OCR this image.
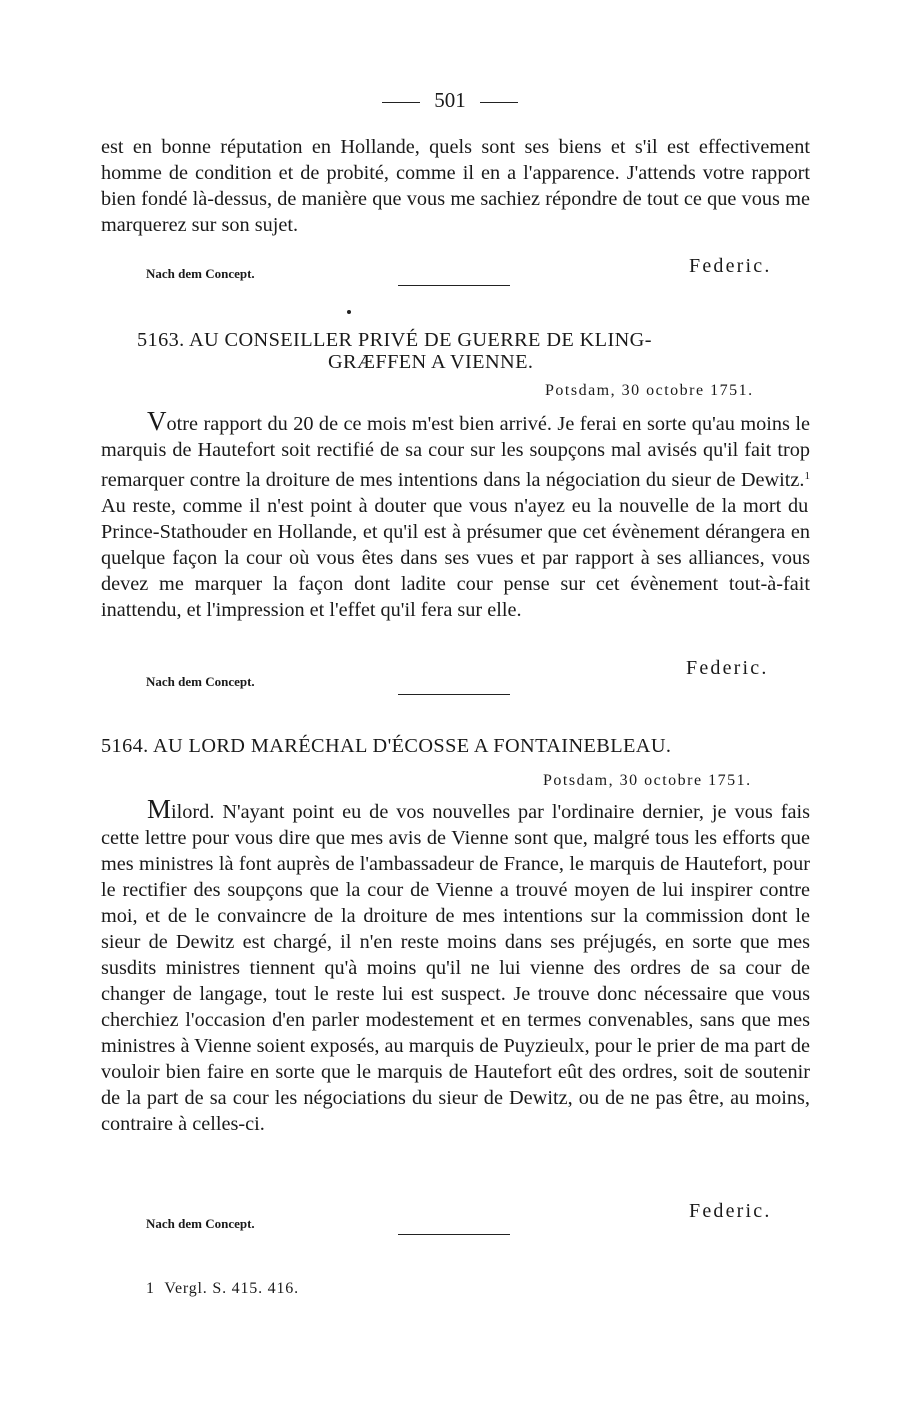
501
est en bonne réputation en Hollande, quels sont ses biens et s'il est effectivement homme de condition et de probité, comme il en a l'apparence. J'attends votre rapport bien fondé là-dessus, de manière que vous me sachiez répondre de tout ce que vous me marquerez sur son sujet.
Nach dem Concept.	Federic.
5163. AU CONSEILLER PRIVÉ DE GUERRE DE KLING-
GRÆFFEN A VIENNE.
Potsdam, 30 octobre 1751.
Votre rapport du 20 de ce mois m'est bien arrivé. Je ferai en sorte qu'au moins le marquis de Hautefort soit rectifié de sa cour sur les soupçons mal avisés qu'il fait trop remarquer contre la droiture de mes intentions dans la négociation du sieur de Dewitz.$^1$ Au reste, comme il n'est point à douter que vous n'ayez eu la nouvelle de la mort du Prince-Stathouder en Hollande, et qu'il est à présumer que cet évènement dérangera en quelque façon la cour où vous êtes dans ses vues et par rapport à ses alliances, vous devez me marquer la façon dont ladite cour pense sur cet évènement tout-à-fait inattendu, et l'impression et l'effet qu'il fera sur elle.
Nach dem Concept.
Federic.
5164. AU LORD MARÉCHAL D'ÉCOSSE A FONTAINEBLEAU.
Potsdam, 30 octobre 1751.
Milord. N'ayant point eu de vos nouvelles par l'ordinaire dernier, je vous fais cette lettre pour vous dire que mes avis de Vienne sont que, malgré tous les efforts que mes ministres là font auprès de l'ambassadeur de France, le marquis de Hautefort, pour le rectifier des soupçons que la cour de Vienne a trouvé moyen de lui inspirer contre moi, et de le convaincre de la droiture de mes intentions sur la commission dont le sieur de Dewitz est chargé, il n'en reste moins dans ses préjugés, en sorte que mes susdits ministres tiennent qu'à moins qu'il ne lui vienne des ordres de sa cour de changer de langage, tout le reste lui est suspect. Je trouve donc nécessaire que vous cherchiez l'occasion d'en parler modestement et en termes convenables, sans que mes ministres à Vienne soient exposés, au marquis de Puyzieulx, pour le prier de ma part de vouloir bien faire en sorte que le marquis de Hautefort eût des ordres, soit de soutenir de la part de sa cour les négociations du sieur de Dewitz, ou de ne pas être, au moins, contraire à celles-ci.
Nach dem Concept.
Federic.
1 Vergl. S. 415. 416.
